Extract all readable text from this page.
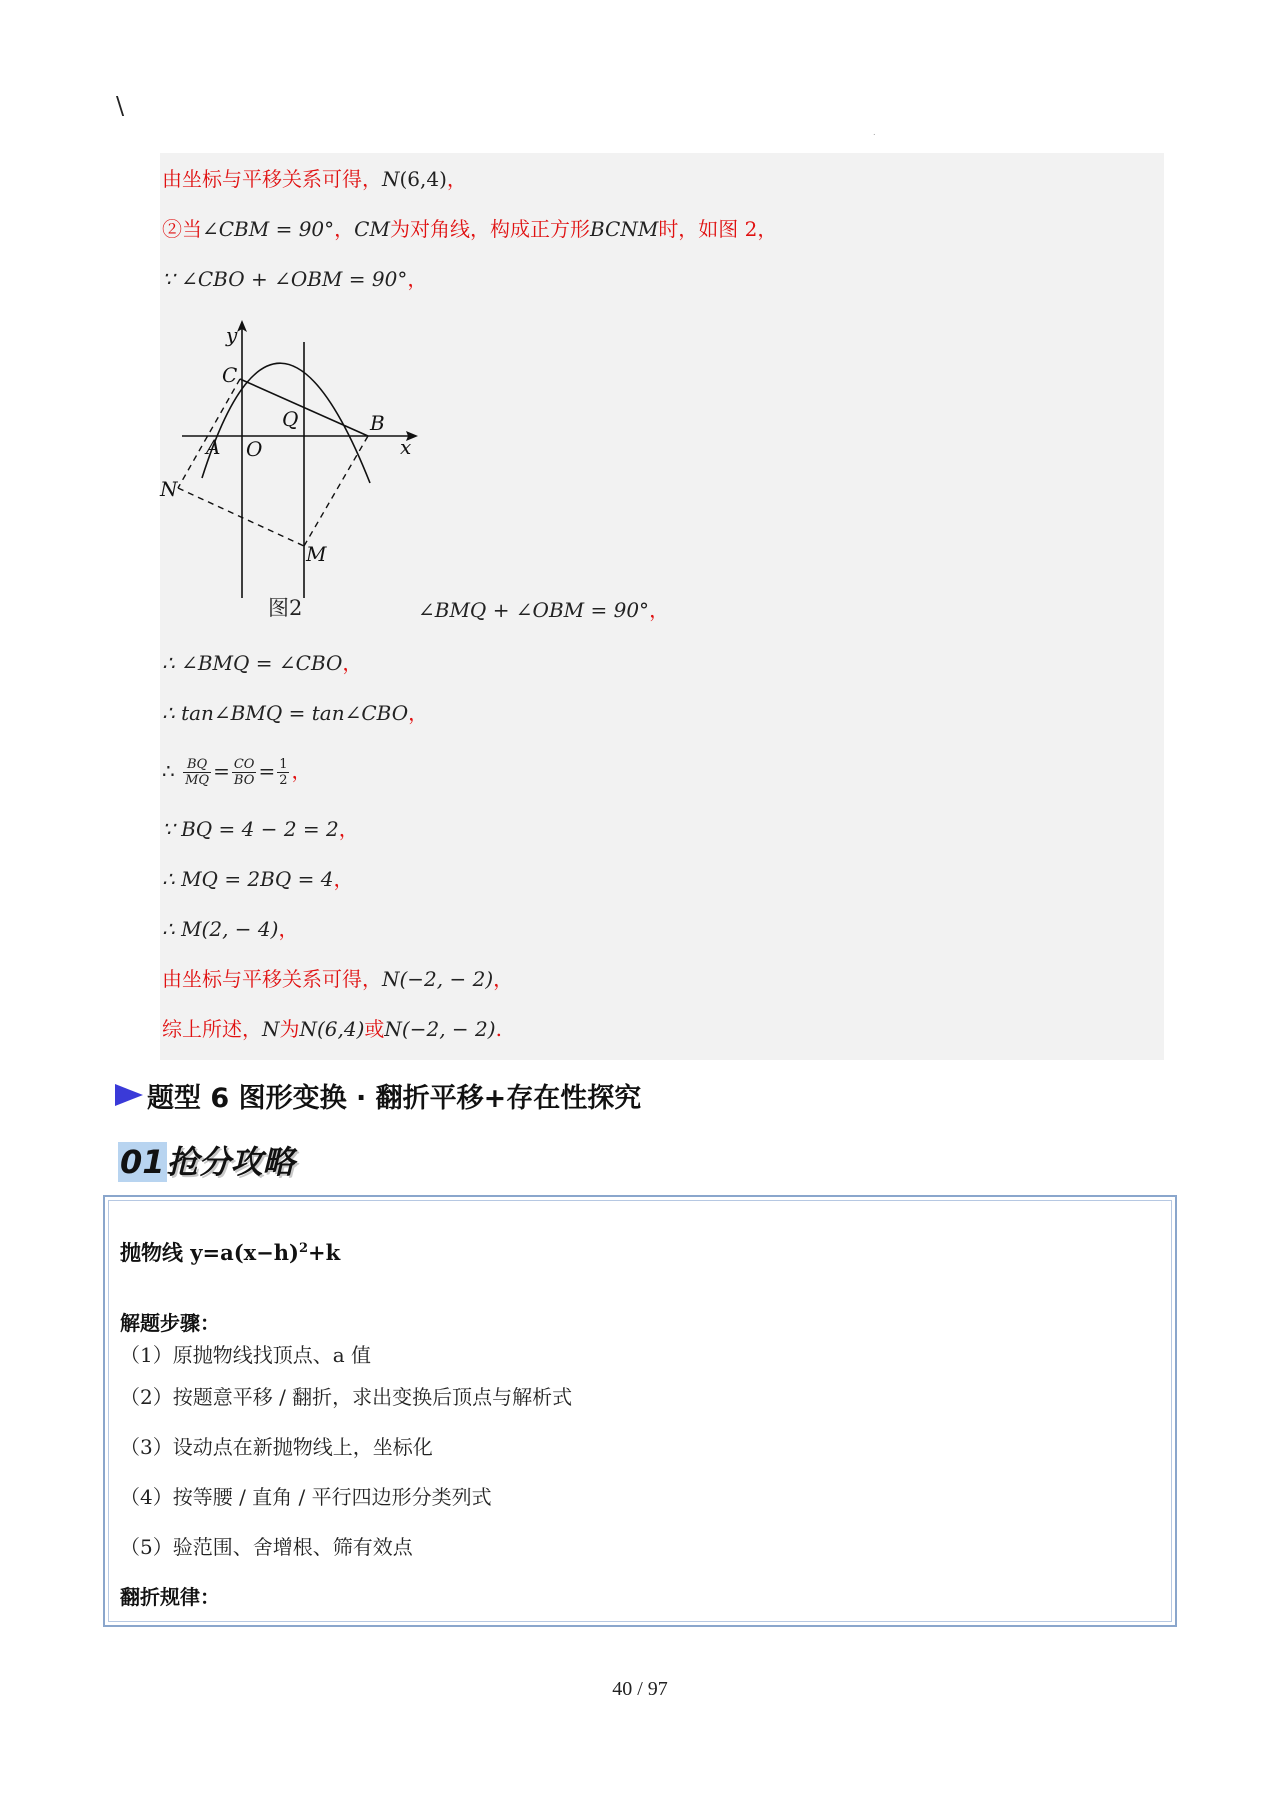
\
.
由坐标与平移关系可得，N(6,4)，
②当∠CBM = 90°，CM为对角线，构成正方形BCNM时，如图 2，
∵ ∠CBO + ∠OBM = 90°，
y
C
Q	B
A O	x
N
M
图2	∠BMQ + ∠OBM = 90°，
∴ ∠BMQ = ∠CBO，
∴ tan∠BMQ = tan∠CBO，
∴ $\frac{BQ}{MQ} = \frac{CO}{BO} = \frac{1}{2}$ ，
∵ BQ = 4 − 2 = 2，
∴ MQ = 2BQ = 4，
∴ M(2, − 4)，
由坐标与平移关系可得，N(−2, − 2)，
综上所述，N为N(6,4)或N(−2, − 2).
题型 6 图形变换 · 翻折平移+存在性探究
01 抢分攻略
抛物线 $y=a(x-h)^2+k$
解题步骤：
（1）原抛物线找顶点、a 值
（2）按题意平移 / 翻折，求出变换后顶点与解析式
（3）设动点在新抛物线上，坐标化
（4）按等腰 / 直角 / 平行四边形分类列式
（5）验范围、舍增根、筛有效点
翻折规律：
40 / 97
